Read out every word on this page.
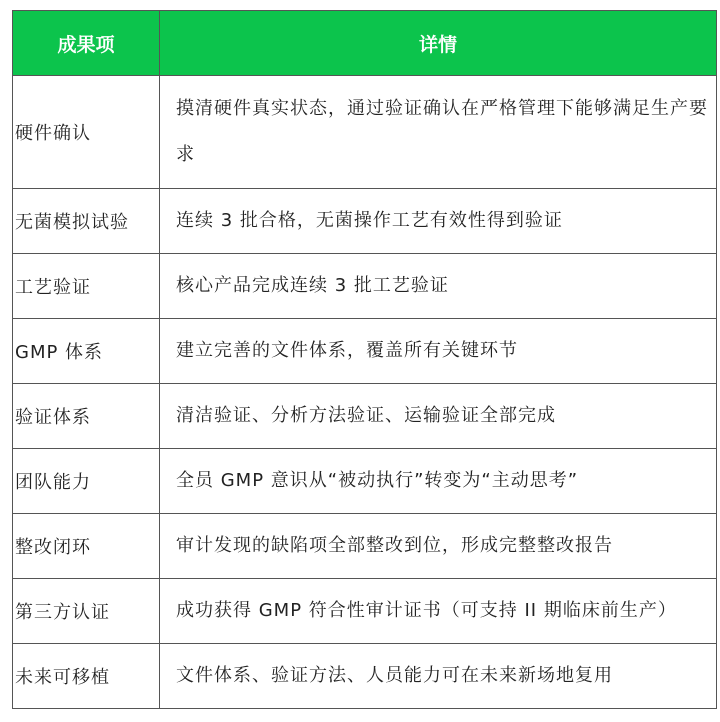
成果项	详情
硬件确认	摸清硬件真实状态，通过验证确认在严格管理下能够满足生产要求
无菌模拟试验	连续 3 批合格，无菌操作工艺有效性得到验证
工艺验证	核心产品完成连续 3 批工艺验证
GMP 体系	建立完善的文件体系，覆盖所有关键环节
验证体系	清洁验证、分析方法验证、运输验证全部完成
团队能力	全员 GMP 意识从“被动执行”转变为“主动思考”
整改闭环	审计发现的缺陷项全部整改到位，形成完整整改报告
第三方认证	成功获得 GMP 符合性审计证书（可支持 II 期临床前生产）
未来可移植	文件体系、验证方法、人员能力可在未来新场地复用
